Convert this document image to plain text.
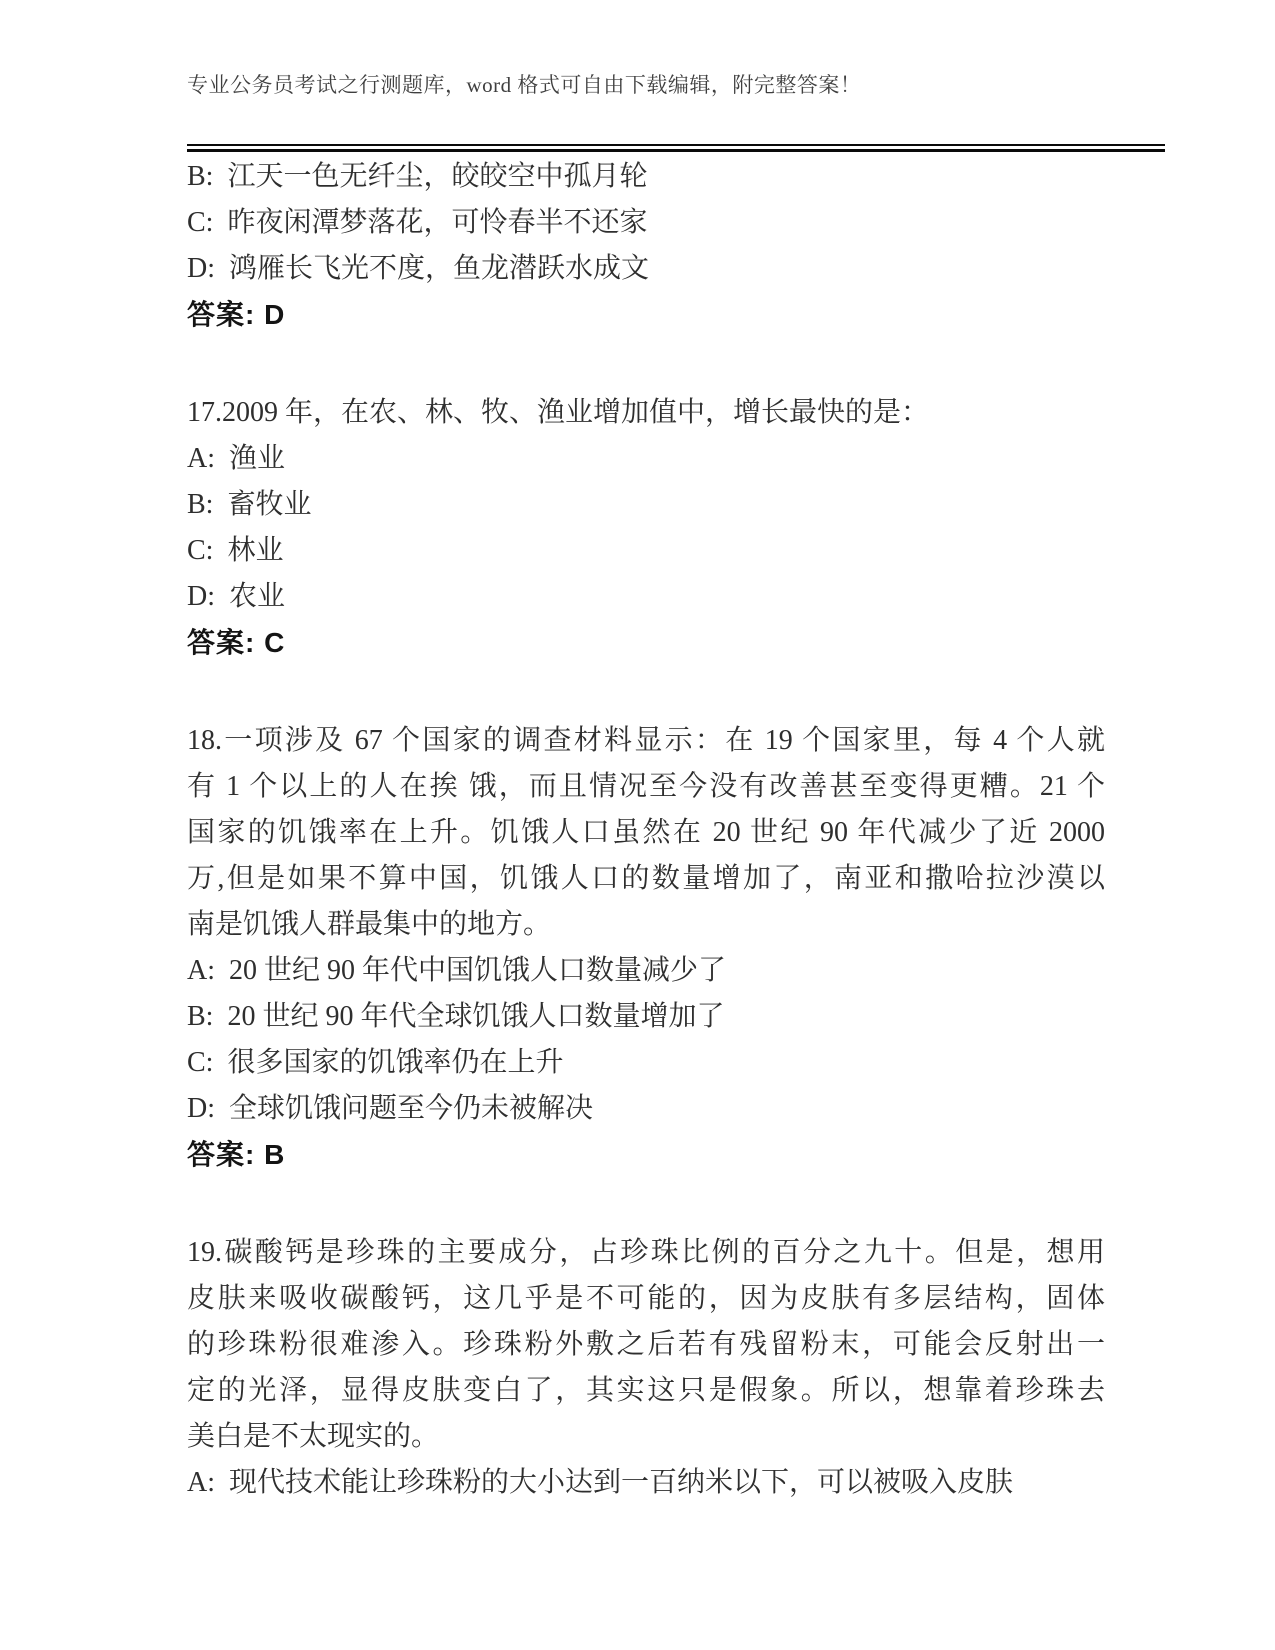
专业公务员考试之行测题库，word 格式可自由下载编辑，附完整答案！
B: 江天一色无纤尘，皎皎空中孤月轮
C: 昨夜闲潭梦落花，可怜春半不还家
D: 鸿雁长飞光不度，鱼龙潜跃水成文
答案: D
17.2009 年，在农、林、牧、渔业增加值中，增长最快的是：
A: 渔业
B: 畜牧业
C: 林业
D: 农业
答案: C
18.一项涉及 67 个国家的调查材料显示：在 19 个国家里，每 4 个人就
有 1 个以上的人在挨 饿，而且情况至今没有改善甚至变得更糟。21 个
国家的饥饿率在上升。饥饿人口虽然在 20 世纪 90 年代减少了近 2000
万,但是如果不算中国，饥饿人口的数量增加了，南亚和撒哈拉沙漠以
南是饥饿人群最集中的地方。
A: 20 世纪 90 年代中国饥饿人口数量减少了
B: 20 世纪 90 年代全球饥饿人口数量增加了
C: 很多国家的饥饿率仍在上升
D: 全球饥饿问题至今仍未被解决
答案: B
19.碳酸钙是珍珠的主要成分，占珍珠比例的百分之九十。但是，想用
皮肤来吸收碳酸钙，这几乎是不可能的，因为皮肤有多层结构，固体
的珍珠粉很难渗入。珍珠粉外敷之后若有残留粉末，可能会反射出一
定的光泽，显得皮肤变白了，其实这只是假象。所以，想靠着珍珠去
美白是不太现实的。
A: 现代技术能让珍珠粉的大小达到一百纳米以下，可以被吸入皮肤
